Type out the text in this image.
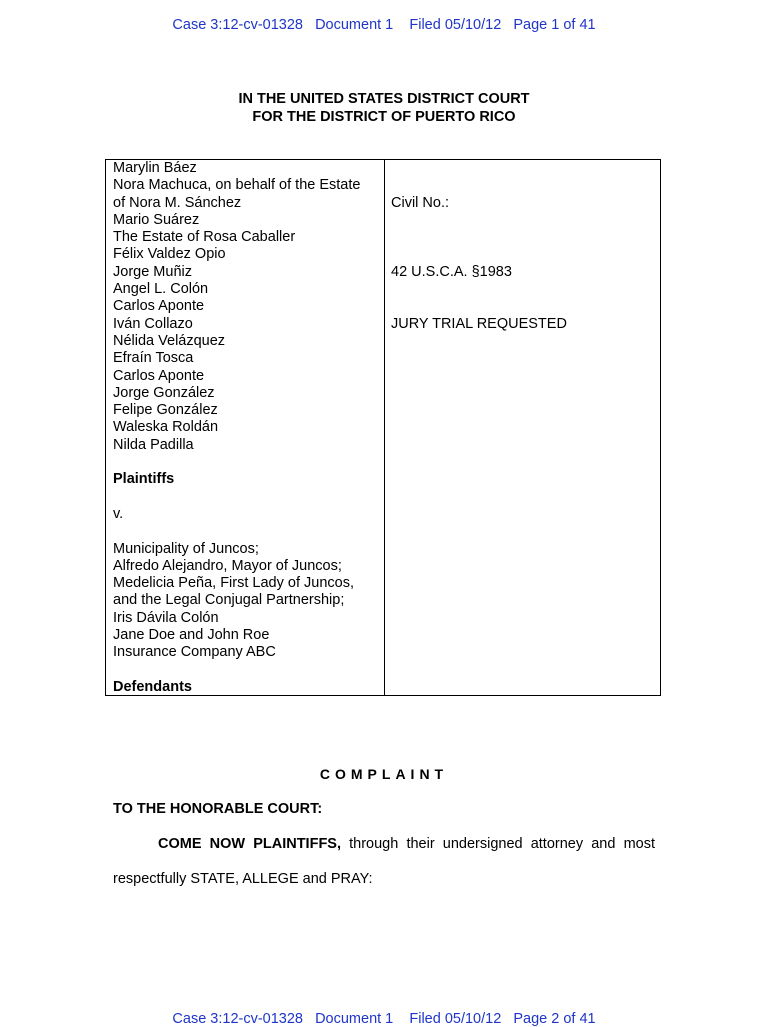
Case 3:12-cv-01328   Document 1    Filed 05/10/12   Page 1 of 41
IN THE UNITED STATES DISTRICT COURT
FOR THE DISTRICT OF PUERTO RICO
Marylin Báez
Nora Machuca, on behalf of the Estate
of Nora M. Sánchez
Mario Suárez
The Estate of Rosa Caballer
Félix Valdez Opio
Jorge Muñiz
Angel L. Colón
Carlos Aponte
Iván Collazo
Nélida Velázquez
Efraín Tosca
Carlos Aponte
Jorge González
Felipe González
Waleska Roldán
Nilda Padilla
Plaintiffs
v.
Municipality of Juncos;
Alfredo Alejandro, Mayor of Juncos;
Medelicia Peña, First Lady of Juncos,
and the Legal Conjugal Partnership;
Iris Dávila Colón
Jane Doe and John Roe
Insurance Company ABC
Defendants
Civil No.:
42 U.S.C.A. §1983
JURY TRIAL REQUESTED
COMPLAINT
TO THE HONORABLE COURT:
COME NOW PLAINTIFFS, through their undersigned attorney and most
respectfully STATE, ALLEGE and PRAY:
Case 3:12-cv-01328   Document 1    Filed 05/10/12   Page 2 of 41
